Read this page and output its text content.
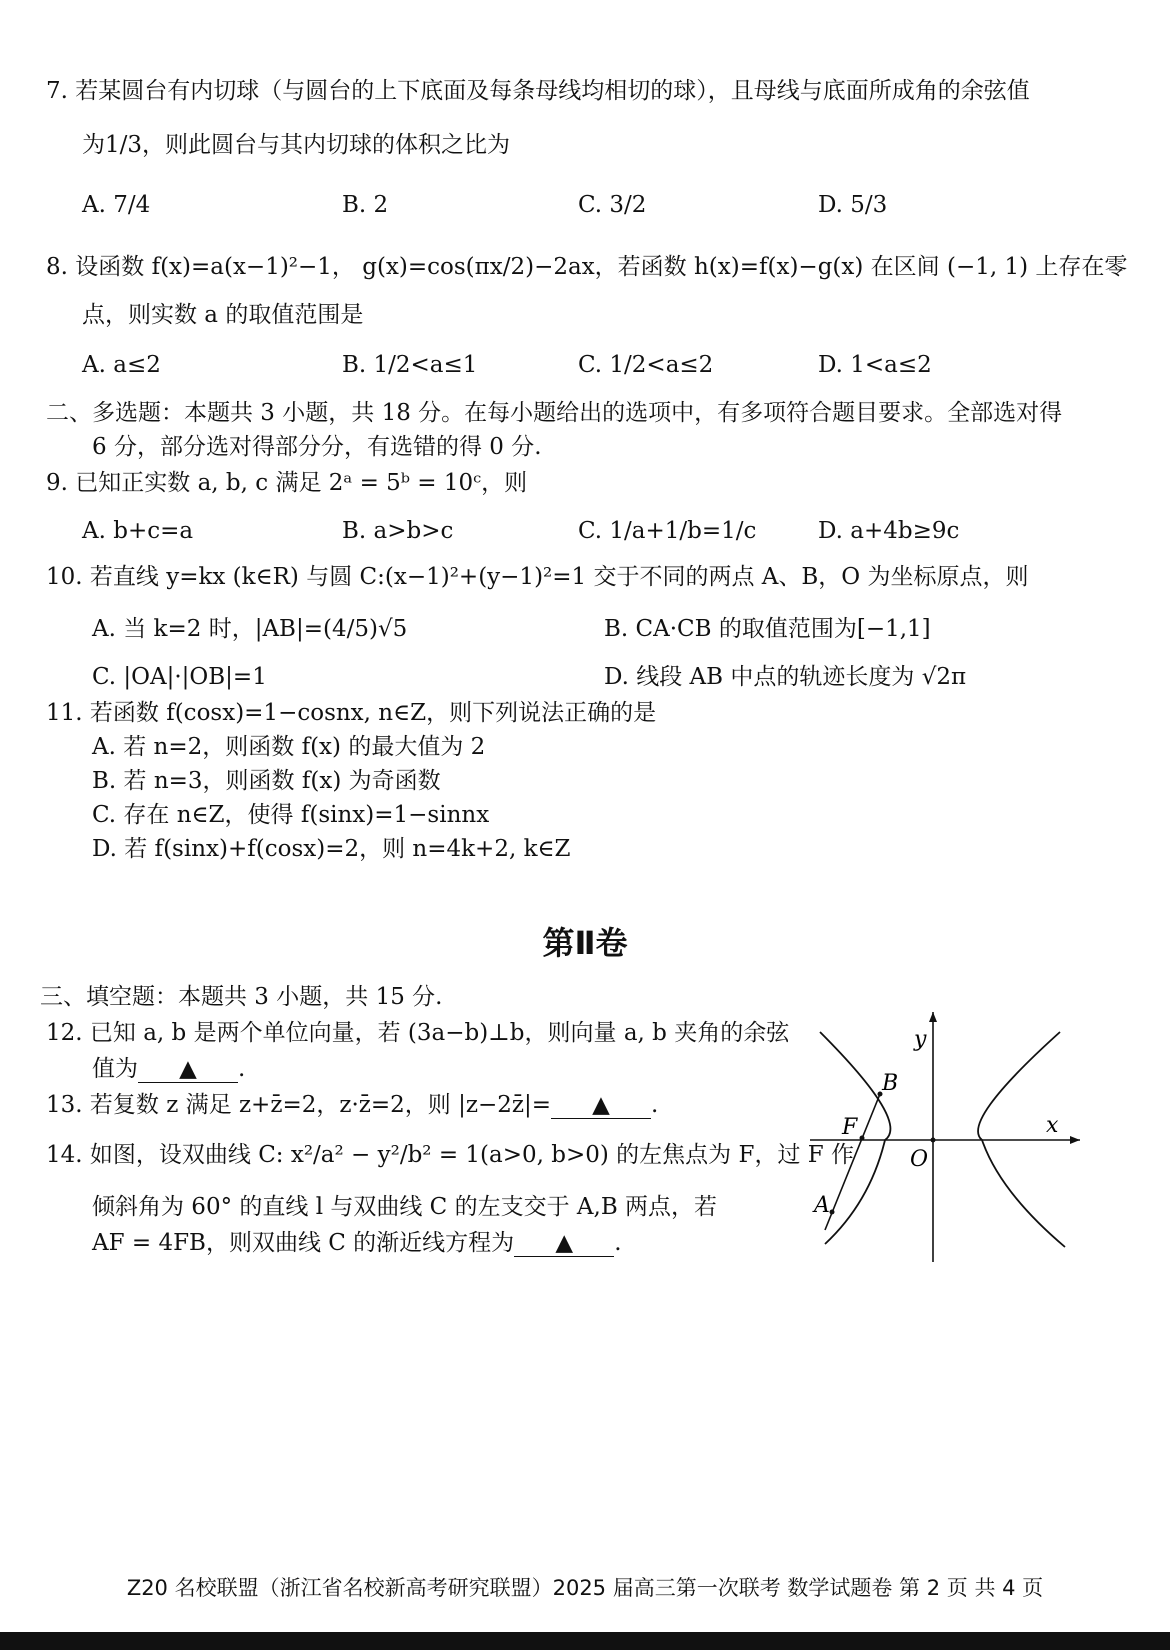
7. 若某圆台有内切球（与圆台的上下底面及每条母线均相切的球），且母线与底面所成角的余弦值
为1/3，则此圆台与其内切球的体积之比为
A. 7/4	B. 2	C. 3/2	D. 5/3
8. 设函数 f(x)=a(x−1)²−1， g(x)=cos(πx/2)−2ax，若函数 h(x)=f(x)−g(x) 在区间 (−1, 1) 上存在零
点，则实数 a 的取值范围是
A. a≤2	B. 1/2<a≤1	C. 1/2<a≤2	D. 1<a≤2
二、多选题：本题共 3 小题，共 18 分。在每小题给出的选项中，有多项符合题目要求。全部选对得
6 分，部分选对得部分分，有选错的得 0 分.
9. 已知正实数 a, b, c 满足 2ᵃ = 5ᵇ = 10ᶜ，则
A. b+c=a	B. a>b>c	C. 1/a+1/b=1/c	D. a+4b≥9c
10. 若直线 y=kx (k∈R) 与圆 C:(x−1)²+(y−1)²=1 交于不同的两点 A、B，O 为坐标原点，则
A. 当 k=2 时，|AB|=(4/5)√5	B. CA·CB 的取值范围为[−1,1]
C. |OA|·|OB|=1	D. 线段 AB 中点的轨迹长度为 √2π
11. 若函数 f(cosx)=1−cosnx, n∈Z，则下列说法正确的是
A. 若 n=2，则函数 f(x) 的最大值为 2
B. 若 n=3，则函数 f(x) 为奇函数
C. 存在 n∈Z，使得 f(sinx)=1−sinnx
D. 若 f(sinx)+f(cosx)=2，则 n=4k+2, k∈Z
第Ⅱ卷
三、填空题：本题共 3 小题，共 15 分.
12. 已知 a, b 是两个单位向量，若 (3a−b)⊥b，则向量 a, b 夹角的余弦
值为 ▲ .
13. 若复数 z 满足 z+z̄=2，z·z̄=2，则 |z−2z̄|= ▲ .
14. 如图，设双曲线 C: x²/a² − y²/b² = 1(a>0, b>0) 的左焦点为 F，过 F 作
倾斜角为 60° 的直线 l 与双曲线 C 的左支交于 A,B 两点，若
AF = 4FB，则双曲线 C 的渐近线方程为 ▲ .
y
x
O
B
F
A
Z20 名校联盟（浙江省名校新高考研究联盟）2025 届高三第一次联考 数学试题卷 第 2 页 共 4 页
